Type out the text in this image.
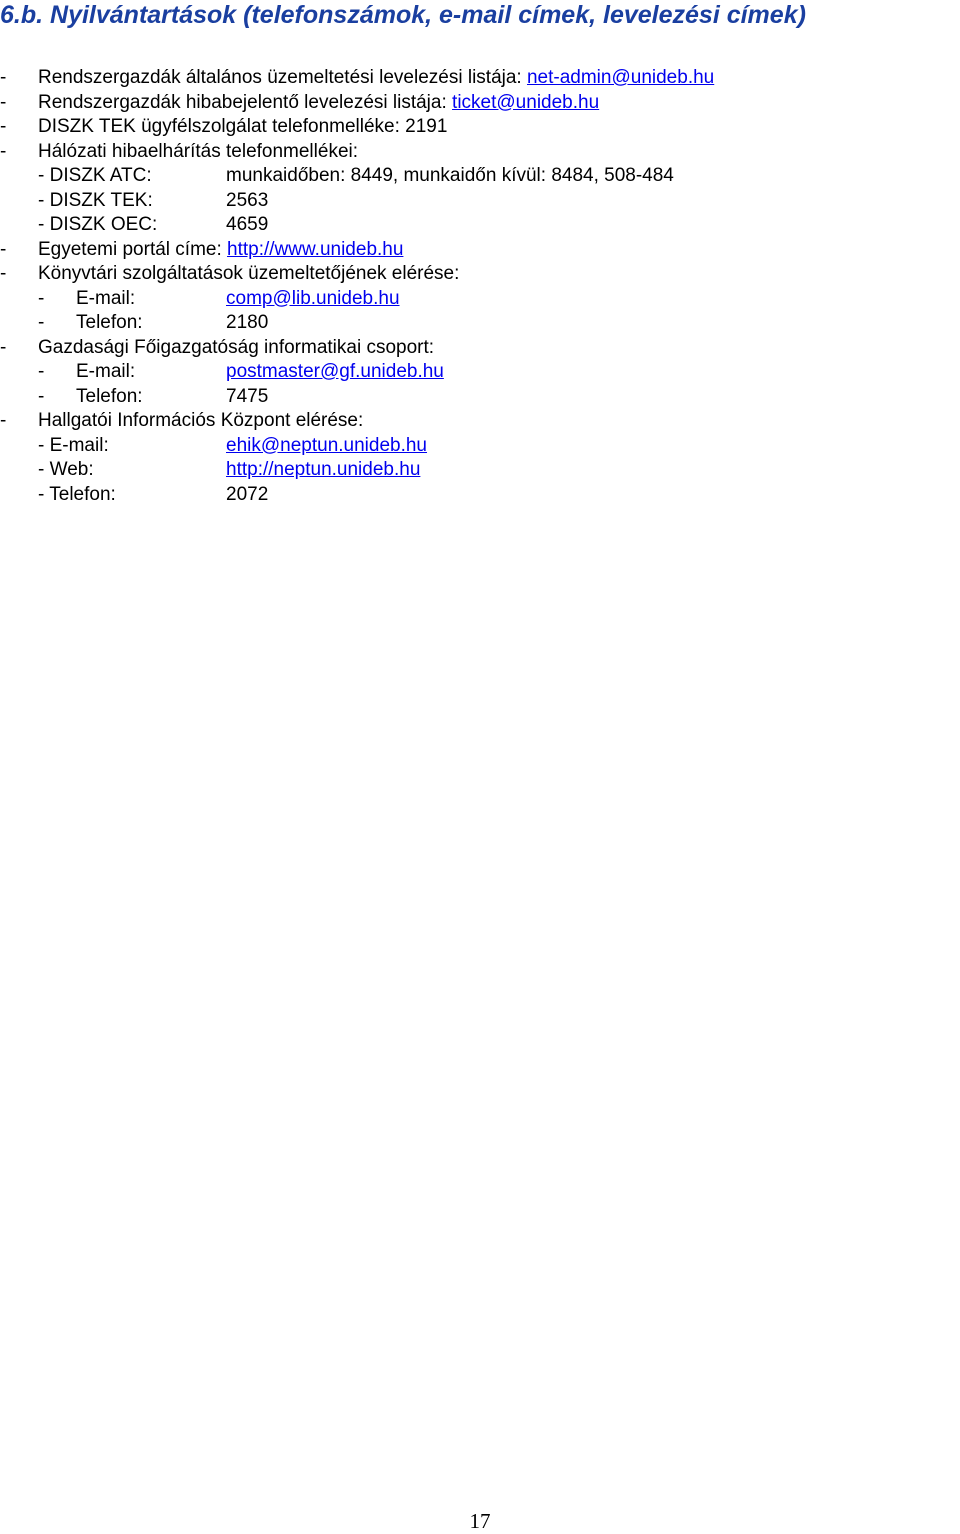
6.b. Nyilvántartások (telefonszámok, e-mail címek, levelezési címek)
- Rendszergazdák általános üzemeltetési levelezési listája: net-admin@unideb.hu
- Rendszergazdák hibabejelentő levelezési listája: ticket@unideb.hu
- DISZK TEK ügyfélszolgálat telefonmelléke: 2191
- Hálózati hibaelhárítás telefonmellékei:
- DISZK ATC:	munkaidőben: 8449, munkaidőn kívül: 8484, 508-484
- DISZK TEK:	2563
- DISZK OEC:	4659
- Egyetemi portál címe: http://www.unideb.hu
- Könyvtári szolgáltatások üzemeltetőjének elérése:
- E-mail:	comp@lib.unideb.hu
- Telefon:	2180
- Gazdasági Főigazgatóság informatikai csoport:
- E-mail:	postmaster@gf.unideb.hu
- Telefon:	7475
- Hallgatói Információs Központ elérése:
- E-mail:	ehik@neptun.unideb.hu
- Web:	http://neptun.unideb.hu
- Telefon:	2072
17
